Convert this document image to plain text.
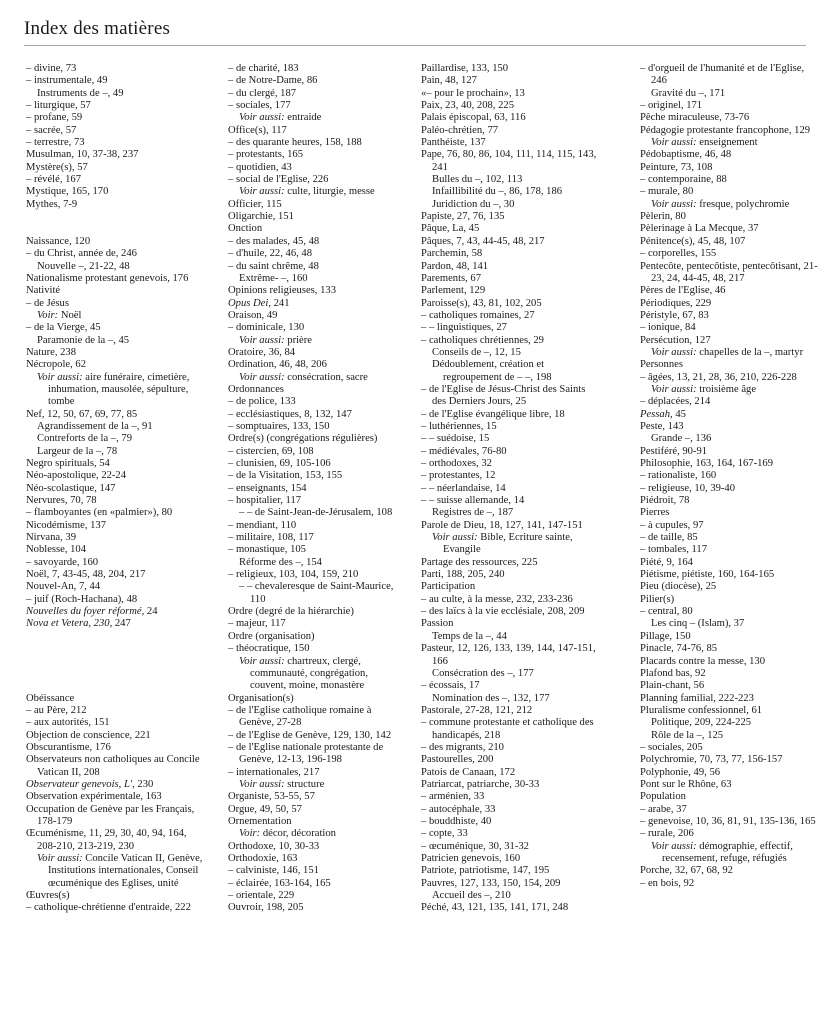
Index des matières
– divine, 73
– instrumentale, 49
Instruments de –, 49
– liturgique, 57
– profane, 59
– sacrée, 57
– terrestre, 73
Musulman, 10, 37-38, 237
Mystère(s), 57
– révélé, 167
Mystique, 165, 170
Mythes, 7-9
Naissance, 120
– du Christ, année de, 246
Nouvelle –, 21-22, 48
Nationalisme protestant genevois, 176
Nativité
– de Jésus
Voir: Noël
– de la Vierge, 45
Paramonie de la –, 45
Nature, 238
Nécropole, 62
Voir aussi: aire funéraire, cimetière, inhumation, mausolée, sépulture, tombe
Nef, 12, 50, 67, 69, 77, 85
Agrandissement de la –, 91
Contreforts de la –, 79
Largeur de la –, 78
Negro spirituals, 54
Néo-apostolique, 22-24
Néo-scolastique, 147
Nervures, 70, 78
– flamboyantes (en «palmier»), 80
Nicodémisme, 137
Nirvana, 39
Noblesse, 104
– savoyarde, 160
Noël, 7, 43-45, 48, 204, 217
Nouvel-An, 7, 44
– juif (Roch-Hachana), 48
Nouvelles du foyer réformé, 24
Nova et Vetera, 230, 247
Obéissance
– au Père, 212
– aux autorités, 151
Objection de conscience, 221
Obscurantisme, 176
Observateurs non catholiques au Concile Vatican II, 208
Observateur genevois, L', 230
Observation expérimentale, 163
Occupation de Genève par les Français, 178-179
Œcuménisme, 11, 29, 30, 40, 94, 164, 208-210, 213-219, 230
Voir aussi: Concile Vatican II, Genève, Institutions internationales, Conseil œcuménique des Eglises, unité
Œuvres(s)
– catholique-chrétienne d'entraide, 222
– de charité, 183
– de Notre-Dame, 86
– du clergé, 187
– sociales, 177
Voir aussi: entraide
Office(s), 117
– des quarante heures, 158, 188
– protestants, 165
– quotidien, 43
– social de l'Eglise, 226
Voir aussi: culte, liturgie, messe
Officier, 115
Oligarchie, 151
Onction
– des malades, 45, 48
– d'huile, 22, 46, 48
– du saint chrême, 48
Extrême- –, 160
Opinions religieuses, 133
Opus Dei, 241
Oraison, 49
– dominicale, 130
Voir aussi: prière
Oratoire, 36, 84
Ordination, 46, 48, 206
Voir aussi: consécration, sacre
Ordonnances
– de police, 133
– ecclésiastiques, 8, 132, 147
– somptuaires, 133, 150
Ordre(s) (congrégations régulières)
– cistercien, 69, 108
– clunisien, 69, 105-106
– de la Visitation, 153, 155
– enseignants, 154
– hospitalier, 117
– – de Saint-Jean-de-Jérusalem, 108
– mendiant, 110
– militaire, 108, 117
– monastique, 105
Réforme des –, 154
– religieux, 103, 104, 159, 210
– – chevaleresque de Saint-Maurice, 110
Ordre (degré de la hiérarchie)
– majeur, 117
Ordre (organisation)
– théocratique, 150
Voir aussi: chartreux, clergé, communauté, congrégation, couvent, moine, monastère
Organisation(s)
– de l'Eglise catholique romaine à Genève, 27-28
– de l'Eglise de Genève, 129, 130, 142
– de l'Eglise nationale protestante de Genève, 12-13, 196-198
– internationales, 217
Voir aussi: structure
Organiste, 53-55, 57
Orgue, 49, 50, 57
Ornementation
Voir: décor, décoration
Orthodoxe, 10, 30-33
Orthodoxie, 163
– calviniste, 146, 151
– éclairée, 163-164, 165
– orientale, 229
Ouvroir, 198, 205
Paillardise, 133, 150
Pain, 48, 127
«– pour le prochain», 13
Paix, 23, 40, 208, 225
Palais épiscopal, 63, 116
Paléo-chrétien, 77
Panthéiste, 137
Pape, 76, 80, 86, 104, 111, 114, 115, 143, 241
Bulles du –, 102, 113
Infaillibilité du –, 86, 178, 186
Juridiction du –, 30
Papiste, 27, 76, 135
Pâque, La, 45
Pâques, 7, 43, 44-45, 48, 217
Parchemin, 58
Pardon, 48, 141
Parements, 67
Parlement, 129
Paroisse(s), 43, 81, 102, 205
– catholiques romaines, 27
– – linguistiques, 27
– catholiques chrétiennes, 29
Conseils de –, 12, 15
Dédoublement, création et regroupement de – –, 198
– de l'Eglise de Jésus-Christ des Saints des Derniers Jours, 25
– de l'Eglise évangélique libre, 18
– luthériennes, 15
– – suédoise, 15
– médiévales, 76-80
– orthodoxes, 32
– protestantes, 12
– – néerlandaise, 14
– – suisse allemande, 14
Registres de –, 187
Parole de Dieu, 18, 127, 141, 147-151
Voir aussi: Bible, Ecriture sainte, Evangile
Partage des ressources, 225
Parti, 188, 205, 240
Participation
– au culte, à la messe, 232, 233-236
– des laïcs à la vie ecclésiale, 208, 209
Passion
Temps de la –, 44
Pasteur, 12, 126, 133, 139, 144, 147-151, 166
Consécration des –, 177
– écossais, 17
Nomination des –, 132, 177
Pastorale, 27-28, 121, 212
– commune protestante et catholique des handicapés, 218
– des migrants, 210
Pastourelles, 200
Patois de Canaan, 172
Patriarcat, patriarche, 30-33
– arménien, 33
– autocéphale, 33
– bouddhiste, 40
– copte, 33
– œcuménique, 30, 31-32
Patricien genevois, 160
Patriote, patriotisme, 147, 195
Pauvres, 127, 133, 150, 154, 209
Accueil des –, 210
Péché, 43, 121, 135, 141, 171, 248
– d'orgueil de l'humanité et de l'Eglise, 246
Gravité du –, 171
– originel, 171
Pêche miraculeuse, 73-76
Pédagogie protestante francophone, 129
Voir aussi: enseignement
Pédobaptisme, 46, 48
Peinture, 73, 108
– contemporaine, 88
– murale, 80
Voir aussi: fresque, polychromie
Pèlerin, 80
Pèlerinage à La Mecque, 37
Pénitence(s), 45, 48, 107
– corporelles, 155
Pentecôte, pentecôtiste, pentecôtisant, 21-23, 24, 44-45, 48, 217
Pères de l'Eglise, 46
Périodiques, 229
Péristyle, 67, 83
– ionique, 84
Persécution, 127
Voir aussi: chapelles de la –, martyr
Personnes
– âgées, 13, 21, 28, 36, 210, 226-228
Voir aussi: troisième âge
– déplacées, 214
Pessah, 45
Peste, 143
Grande –, 136
Pestiféré, 90-91
Philosophie, 163, 164, 167-169
– rationaliste, 160
– religieuse, 10, 39-40
Piédroit, 78
Pierres
– à cupules, 97
– de taille, 85
– tombales, 117
Piété, 9, 164
Piétisme, piétiste, 160, 164-165
Pieu (diocèse), 25
Pilier(s)
– central, 80
Les cinq – (Islam), 37
Pillage, 150
Pinacle, 74-76, 85
Placards contre la messe, 130
Plafond bas, 92
Plain-chant, 56
Planning familial, 222-223
Pluralisme confessionnel, 61
Politique, 209, 224-225
Rôle de la –, 125
– sociales, 205
Polychromie, 70, 73, 77, 156-157
Polyphonie, 49, 56
Pont sur le Rhône, 63
Population
– arabe, 37
– genevoise, 10, 36, 81, 91, 135-136, 165
– rurale, 206
Voir aussi: démographie, effectif, recensement, refuge, réfugiés
Porche, 32, 67, 68, 92
– en bois, 92
